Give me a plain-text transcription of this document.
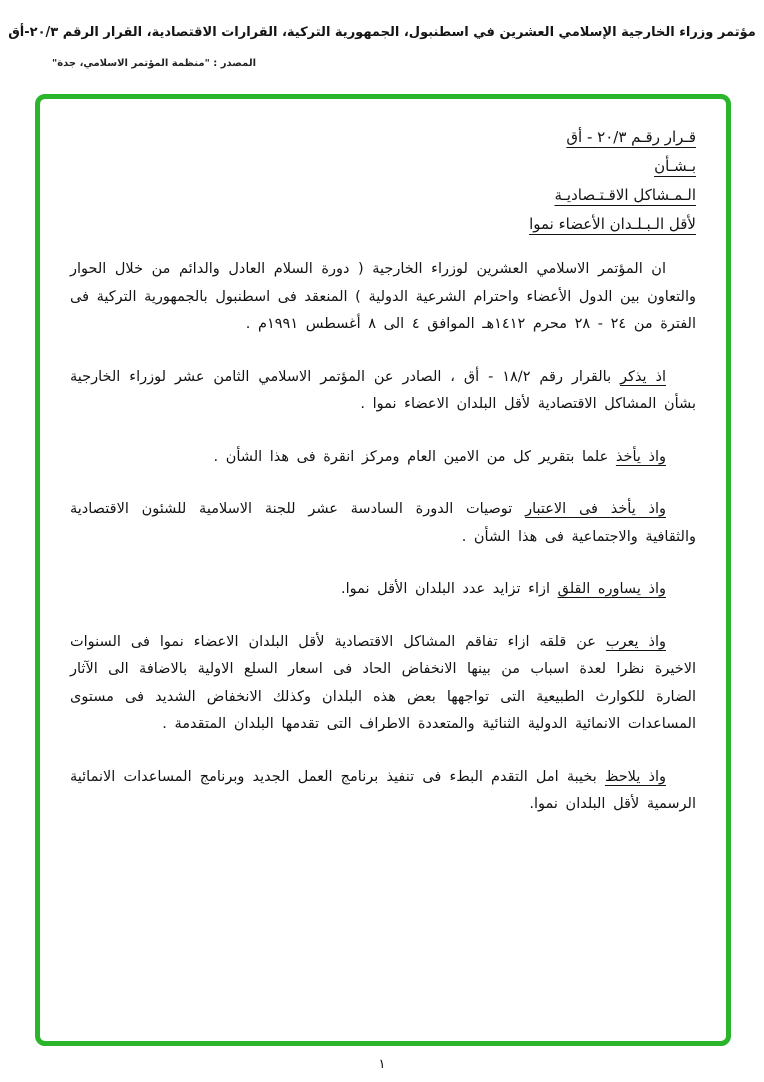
مؤتمر وزراء الخارجية الإسلامي العشرين في اسطنبول، الجمهورية التركية، القرارات الاقتصادية، القرار الرقم ٢٠/٣-أق
المصدر : "منظمة المؤتمر الاسلامي، جدة"
قـرار رقـم ٢٠/٣ - أق
بـشـأن
الـمـشاكل الاقـتـصاديـة
لأقل الـبـلـدان الأعضاء نموا

ان المؤتمر الاسلامي العشرين لوزراء الخارجية ( دورة السلام العادل والدائم من خلال الحوار والتعاون بين الدول الأعضاء واحترام الشرعية الدولية ) المنعقد فى اسطنبول بالجمهورية التركية فى الفترة من ٢٤ - ٢٨ محرم ١٤١٢هـ الموافق ٤ الى ٨ أغسطس ١٩٩١م .

اذ يذكر بالقرار رقم ١٨/٢ - أق ، الصادر عن المؤتمر الاسلامي الثامن عشر لوزراء الخارجية بشأن المشاكل الاقتصادية لأقل البلدان الاعضاء نموا .

واذ يأخذ علما بتقرير كل من الامين العام ومركز انقرة فى هذا الشأن .

واذ يأخذ فى الاعتبار توصيات الدورة السادسة عشر للجنة الاسلامية للشئون الاقتصادية والثقافية والاجتماعية فى هذا الشأن .

واذ يساوره القلق ازاء تزايد عدد البلدان الأقل نموا.

واذ يعرب عن قلقه ازاء تفاقم المشاكل الاقتصادية لأقل البلدان الاعضاء نموا فى السنوات الاخيرة نظرا لعدة اسباب من بينها الانخفاض الحاد فى اسعار السلع الاولية بالاضافة الى الآثار الضارة للكوارث الطبيعية التى تواجهها بعض هذه البلدان وكذلك الانخفاض الشديد فى مستوى المساعدات الانمائية الدولية الثنائية والمتعددة الاطراف التى تقدمها البلدان المتقدمة .

واذ يلاحظ بخيبة امل التقدم البطء فى تنفيذ برنامج العمل الجديد وبرنامج المساعدات الانمائية الرسمية لأقل البلدان نموا.

١
